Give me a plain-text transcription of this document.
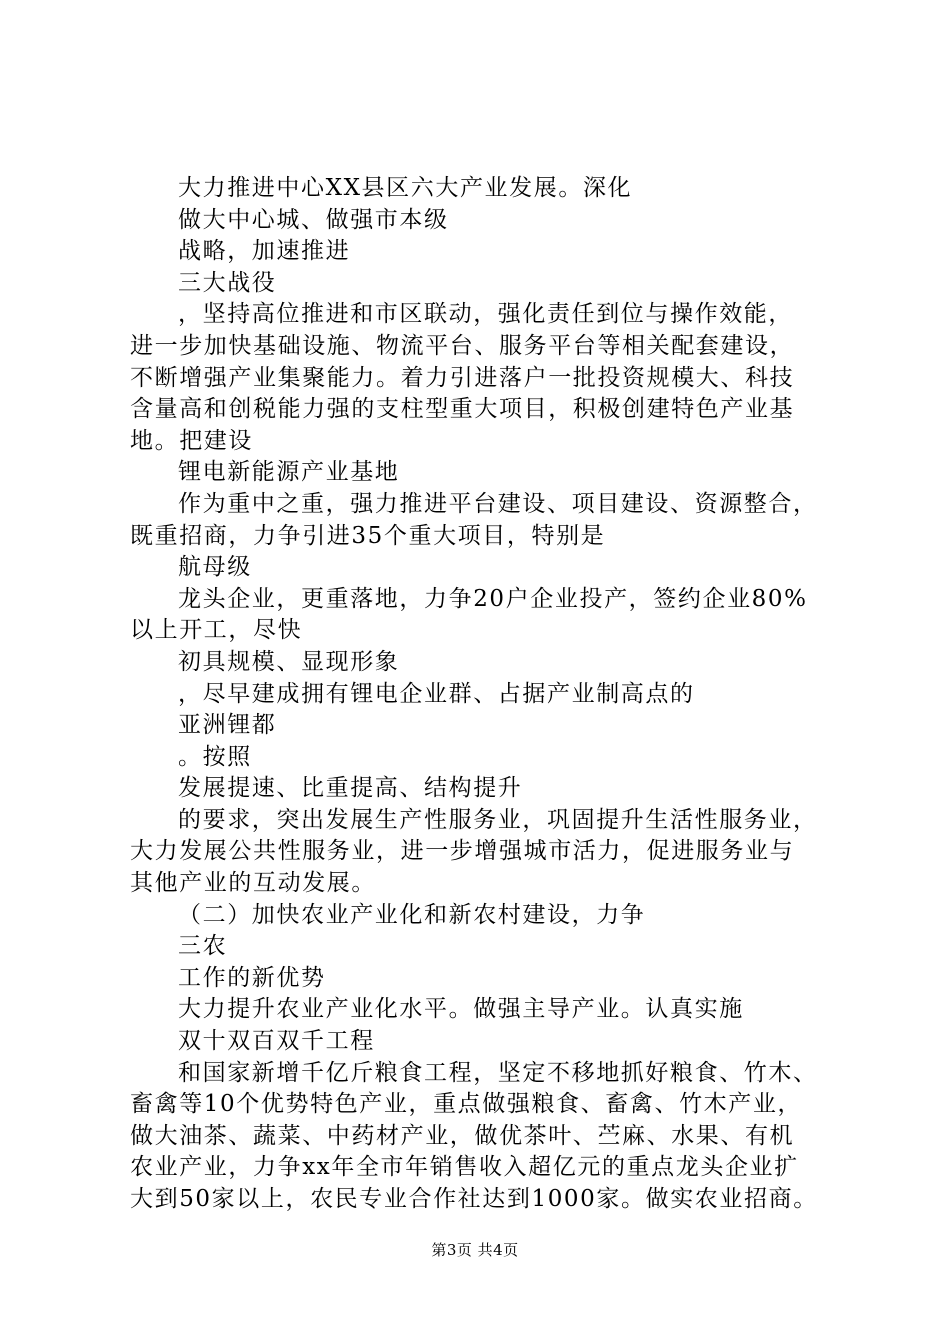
大力推进中心XX县区六大产业发展。深化
做大中心城、做强市本级
战略，加速推进
三大战役
，坚持高位推进和市区联动，强化责任到位与操作效能，
进一步加快基础设施、物流平台、服务平台等相关配套建设，
不断增强产业集聚能力。着力引进落户一批投资规模大、科技
含量高和创税能力强的支柱型重大项目，积极创建特色产业基
地。把建设
锂电新能源产业基地
作为重中之重，强力推进平台建设、项目建设、资源整合，
既重招商，力争引进35个重大项目，特别是
航母级
龙头企业，更重落地，力争20户企业投产，签约企业80%
以上开工，尽快
初具规模、显现形象
，尽早建成拥有锂电企业群、占据产业制高点的
亚洲锂都
。按照
发展提速、比重提高、结构提升
的要求，突出发展生产性服务业，巩固提升生活性服务业，
大力发展公共性服务业，进一步增强城市活力，促进服务业与
其他产业的互动发展。
（二）加快农业产业化和新农村建设，力争
三农
工作的新优势
大力提升农业产业化水平。做强主导产业。认真实施
双十双百双千工程
和国家新增千亿斤粮食工程，坚定不移地抓好粮食、竹木、
畜禽等10个优势特色产业，重点做强粮食、畜禽、竹木产业，
做大油茶、蔬菜、中药材产业，做优茶叶、苎麻、水果、有机
农业产业，力争xx年全市年销售收入超亿元的重点龙头企业扩
大到50家以上，农民专业合作社达到1000家。做实农业招商。
第3页 共4页
